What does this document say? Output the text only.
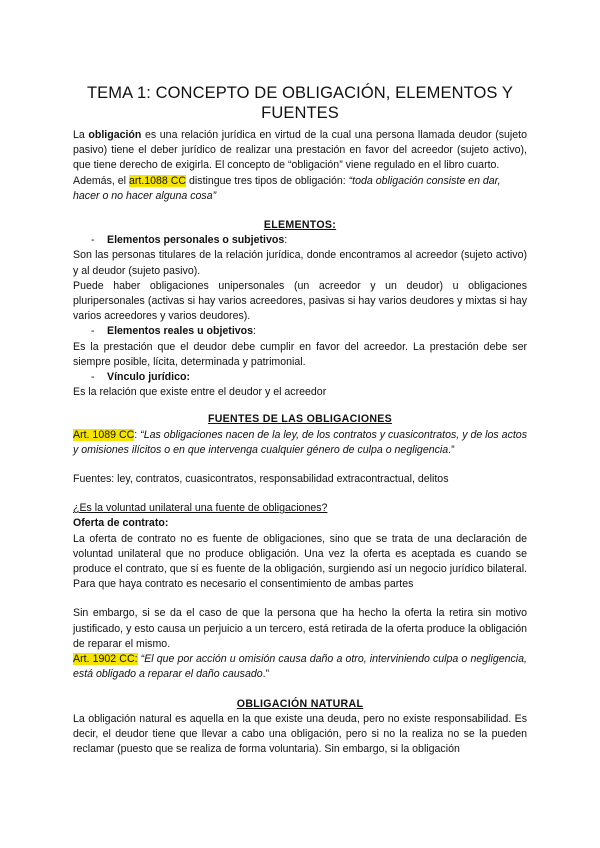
TEMA 1: CONCEPTO DE OBLIGACIÓN, ELEMENTOS Y FUENTES

La obligación es una relación jurídica en virtud de la cual una persona llamada deudor (sujeto pasivo) tiene el deber jurídico de realizar una prestación en favor del acreedor (sujeto activo), que tiene derecho de exigirla. El concepto de “obligación” viene regulado en el libro cuarto.

Además, el art.1088 CC distingue tres tipos de obligación: “toda obligación consiste en dar, hacer o no hacer alguna cosa”

ELEMENTOS:

- Elementos personales o subjetivos:

Son las personas titulares de la relación jurídica, donde encontramos al acreedor (sujeto activo) y al deudor (sujeto pasivo).

Puede haber obligaciones unipersonales (un acreedor y un deudor) u obligaciones pluripersonales (activas si hay varios acreedores, pasivas si hay varios deudores y mixtas si hay varios acreedores y varios deudores).

- Elementos reales u objetivos:

Es la prestación que el deudor debe cumplir en favor del acreedor. La prestación debe ser siempre posible, lícita, determinada y patrimonial.

- Vínculo jurídico:

Es la relación que existe entre el deudor y el acreedor

FUENTES DE LAS OBLIGACIONES

Art. 1089 CC: “Las obligaciones nacen de la ley, de los contratos y cuasicontratos, y de los actos y omisiones ilícitos o en que intervenga cualquier género de culpa o negligencia.”

Fuentes: ley, contratos, cuasicontratos, responsabilidad extracontractual, delitos

¿Es la voluntad unilateral una fuente de obligaciones?

Oferta de contrato:

La oferta de contrato no es fuente de obligaciones, sino que se trata de una declaración de voluntad unilateral que no produce obligación. Una vez la oferta es aceptada es cuando se produce el contrato, que sí es fuente de la obligación, surgiendo así un negocio jurídico bilateral. Para que haya contrato es necesario el consentimiento de ambas partes

Sin embargo, si se da el caso de que la persona que ha hecho la oferta la retira sin motivo justificado, y esto causa un perjuicio a un tercero, está retirada de la oferta produce la obligación de reparar el mismo.

Art. 1902 CC: “El que por acción u omisión causa daño a otro, interviniendo culpa o negligencia, está obligado a reparar el daño causado.”

OBLIGACIÓN NATURAL

La obligación natural es aquella en la que existe una deuda, pero no existe responsabilidad. Es decir, el deudor tiene que llevar a cabo una obligación, pero si no la realiza no se la pueden reclamar (puesto que se realiza de forma voluntaria). Sin embargo, si la obligación
